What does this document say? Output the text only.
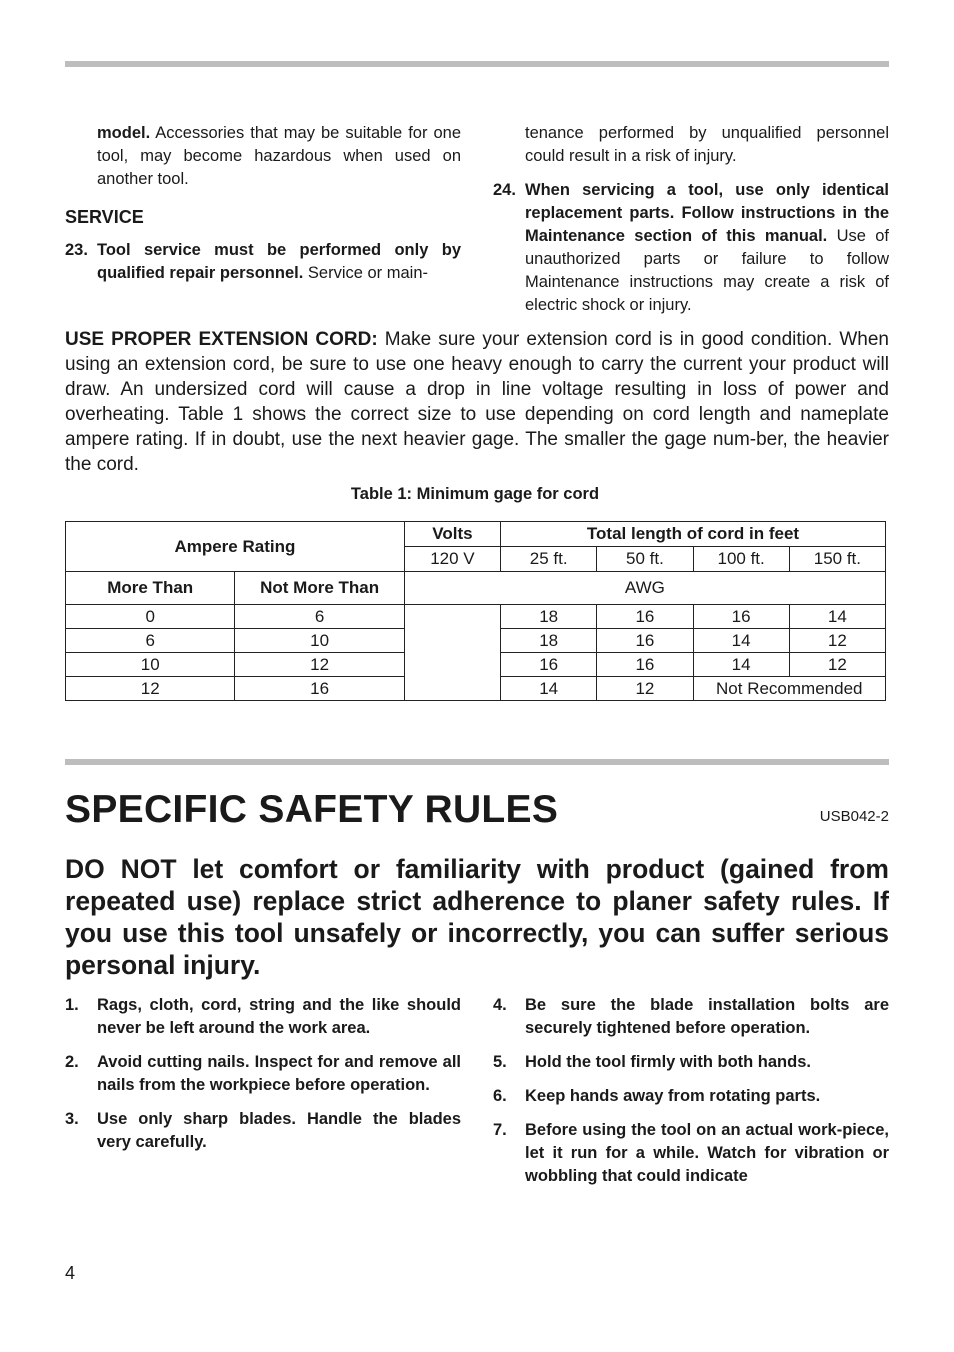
model. Accessories that may be suitable for one tool, may become hazardous when used on another tool.

SERVICE

23. Tool service must be performed only by qualified repair personnel. Service or main-

tenance performed by unqualified personnel could result in a risk of injury.

24. When servicing a tool, use only identical replacement parts. Follow instructions in the Maintenance section of this manual. Use of unauthorized parts or failure to follow Maintenance instructions may create a risk of electric shock or injury.

USE PROPER EXTENSION CORD: Make sure your extension cord is in good condition. When using an extension cord, be sure to use one heavy enough to carry the current your product will draw. An undersized cord will cause a drop in line voltage resulting in loss of power and overheating. Table 1 shows the correct size to use depending on cord length and nameplate ampere rating. If in doubt, use the next heavier gage. The smaller the gage num-ber, the heavier the cord.

Table 1: Minimum gage for cord
Ampere Rating		Volts	Total length of cord in feet			
		120 V	25 ft.	50 ft.	100 ft.	150 ft.
More Than	Not More Than	AWG				
0	6		18	16	16	14
6	10		18	16	14	12
10	12		16	16	14	12
12	16		14	12	Not Recommended	
SPECIFIC SAFETY RULES	USB042-2

DO NOT let comfort or familiarity with product (gained from repeated use) replace strict adherence to planer safety rules. If you use this tool unsafely or incorrectly, you can suffer serious personal injury.

1. Rags, cloth, cord, string and the like should never be left around the work area.
2. Avoid cutting nails. Inspect for and remove all nails from the workpiece before operation.
3. Use only sharp blades. Handle the blades very carefully.
4. Be sure the blade installation bolts are securely tightened before operation.
5. Hold the tool firmly with both hands.
6. Keep hands away from rotating parts.
7. Before using the tool on an actual work-piece, let it run for a while. Watch for vibration or wobbling that could indicate
4
